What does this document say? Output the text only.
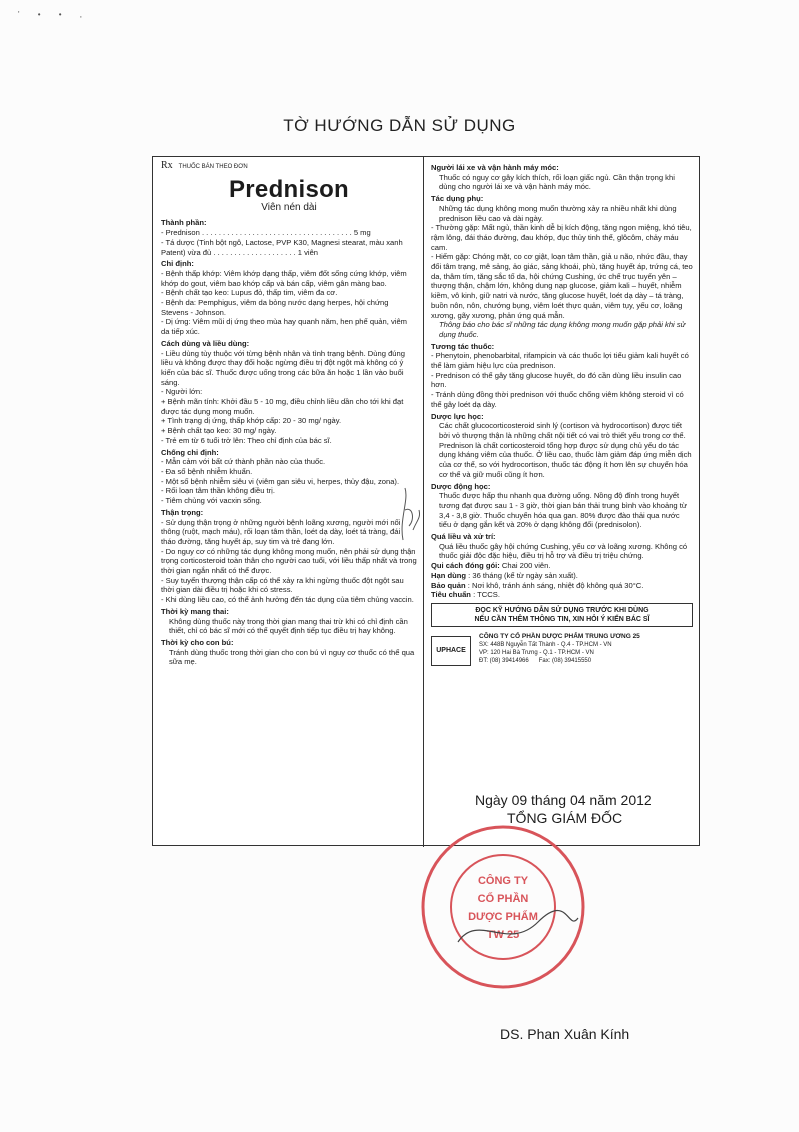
' • • ,
TỜ HƯỚNG DẪN SỬ DỤNG
Rx THUỐC BÁN THEO ĐƠN
Prednison
Viên nén dài
Thành phần:
- Prednison . . . . . . . . . . . . . . . . . . . . . . . . . . . . . . . . . . . . 5 mg
- Tá dược (Tinh bột ngô, Lactose, PVP K30, Magnesi stearat, màu xanh Patent) vừa đủ . . . . . . . . . . . . . . . . . . . . 1 viên
Chỉ định:
- Bệnh thấp khớp: Viêm khớp dạng thấp, viêm đốt sống cứng khớp, viêm khớp do gout, viêm bao khớp cấp và bán cấp, viêm gân màng bao.
- Bệnh chất tạo keo: Lupus đỏ, thấp tim, viêm đa cơ.
- Bệnh da: Pemphigus, viêm da bỏng nước dạng herpes, hội chứng Stevens - Johnson.
- Dị ứng: Viêm mũi dị ứng theo mùa hay quanh năm, hen phế quản, viêm da tiếp xúc.
Cách dùng và liều dùng:
- Liều dùng tùy thuộc với từng bệnh nhân và tình trạng bệnh. Dùng đúng liều và không được thay đổi hoặc ngừng điều trị đột ngột mà không có ý kiến của bác sĩ. Thuốc được uống trong các bữa ăn hoặc 1 lần vào buổi sáng.
- Người lớn:
+ Bệnh mãn tính: Khởi đầu 5 - 10 mg, điều chỉnh liều dần cho tới khi đạt được tác dụng mong muốn.
+ Tình trạng dị ứng, thấp khớp cấp: 20 - 30 mg/ ngày.
+ Bệnh chất tạo keo: 30 mg/ ngày.
- Trẻ em từ 6 tuổi trở lên: Theo chỉ định của bác sĩ.
Chống chỉ định:
- Mẫn cảm với bất cứ thành phần nào của thuốc.
- Đa số bệnh nhiễm khuẩn.
- Một số bệnh nhiễm siêu vi (viêm gan siêu vi, herpes, thủy đậu, zona).
- Rối loạn tâm thần không điều trị.
- Tiêm chủng với vacxin sống.
Thận trọng:
- Sử dụng thận trọng ở những người bệnh loãng xương, người mới nối thông (ruột, mạch máu), rối loạn tâm thần, loét dạ dày, loét tá tràng, đái tháo đường, tăng huyết áp, suy tim và trẻ đang lớn.
- Do nguy cơ có những tác dụng không mong muốn, nên phải sử dụng thận trọng corticosteroid toàn thân cho người cao tuổi, với liều thấp nhất và trong thời gian ngắn nhất có thể được.
- Suy tuyến thượng thận cấp có thể xảy ra khi ngừng thuốc đột ngột sau thời gian dài điều trị hoặc khi có stress.
- Khi dùng liều cao, có thể ảnh hưởng đến tác dụng của tiêm chủng vaccin.
Thời kỳ mang thai:
Không dùng thuốc này trong thời gian mang thai trừ khi có chỉ định cần thiết, chỉ có bác sĩ mới có thể quyết định tiếp tục điều trị hay không.
Thời kỳ cho con bú:
Tránh dùng thuốc trong thời gian cho con bú vì nguy cơ thuốc có thể qua sữa mẹ.
Người lái xe và vận hành máy móc:
Thuốc có nguy cơ gây kích thích, rối loạn giấc ngủ. Cần thận trọng khi dùng cho người lái xe và vận hành máy móc.
Tác dụng phụ:
Những tác dụng không mong muốn thường xảy ra nhiều nhất khi dùng prednison liều cao và dài ngày.
- Thường gặp: Mất ngủ, thần kinh dễ bị kích động, tăng ngon miệng, khó tiêu, rậm lông, đái tháo đường, đau khớp, đục thủy tinh thể, glôcôm, chảy máu cam.
- Hiếm gặp: Chóng mặt, co cơ giật, loạn tâm thần, giả u não, nhức đầu, thay đổi tâm trạng, mê sảng, ảo giác, sảng khoái, phù, tăng huyết áp, trứng cá, teo da, thâm tím, tăng sắc tố da, hội chứng Cushing, ức chế trục tuyến yên – thượng thận, chậm lớn, không dung nạp glucose, giảm kali – huyết, nhiễm kiềm, vô kinh, giữ natri và nước, tăng glucose huyết, loét dạ dày – tá tràng, buồn nôn, nôn, chướng bụng, viêm loét thực quản, viêm tụy, yếu cơ, loãng xương, gãy xương, phản ứng quá mẫn.
Thông báo cho bác sĩ những tác dụng không mong muốn gặp phải khi sử dụng thuốc.
Tương tác thuốc:
- Phenytoin, phenobarbital, rifampicin và các thuốc lợi tiểu giảm kali huyết có thể làm giảm hiệu lực của prednison.
- Prednison có thể gây tăng glucose huyết, do đó cần dùng liều insulin cao hơn.
- Tránh dùng đồng thời prednison với thuốc chống viêm không steroid vì có thể gây loét dạ dày.
Dược lực học:
Các chất glucocorticosteroid sinh lý (cortison và hydrocortison) được tiết bởi vỏ thượng thận là những chất nội tiết có vai trò thiết yếu trong cơ thể. Prednison là chất corticosteroid tổng hợp được sử dụng chủ yếu do tác dụng kháng viêm của thuốc. Ở liều cao, thuốc làm giảm đáp ứng miễn dịch của cơ thể, so với hydrocortison, thuốc tác động ít hơn lên sự chuyển hóa cơ thể và giữ muối cũng ít hơn.
Dược động học:
Thuốc được hấp thu nhanh qua đường uống. Nồng độ đỉnh trong huyết tương đạt được sau 1 - 3 giờ, thời gian bán thải trung bình vào khoảng từ 3,4 - 3,8 giờ. Thuốc chuyển hóa qua gan. 80% được đào thải qua nước tiểu ở dạng gắn kết và 20% ở dạng không đổi (prednisolon).
Quá liều và xử trí:
Quá liều thuốc gây hội chứng Cushing, yếu cơ và loãng xương. Không có thuốc giải độc đặc hiệu, điều trị hỗ trợ và điều trị triệu chứng.
Qui cách đóng gói: Chai 200 viên.
Hạn dùng : 36 tháng (kể từ ngày sản xuất).
Bảo quản : Nơi khô, tránh ánh sáng, nhiệt độ không quá 30°C.
Tiêu chuẩn : TCCS.
ĐỌC KỸ HƯỚNG DẪN SỬ DỤNG TRƯỚC KHI DÙNG
NẾU CẦN THÊM THÔNG TIN, XIN HỎI Ý KIẾN BÁC SĨ
UPHACE
CÔNG TY CỔ PHẦN DƯỢC PHẨM TRUNG ƯƠNG 25
SX: 448B Nguyễn Tất Thành - Q.4 - TP.HCM - VN
VP: 120 Hai Bà Trưng - Q.1 - TP.HCM - VN
ĐT: (08) 39414966 Fax: (08) 39415550
Ngày 09 tháng 04 năm 2012
TỔNG GIÁM ĐỐC
CÔNG TY
CỔ PHẦN
DƯỢC PHẨM
TW 25
DS. Phan Xuân Kính
